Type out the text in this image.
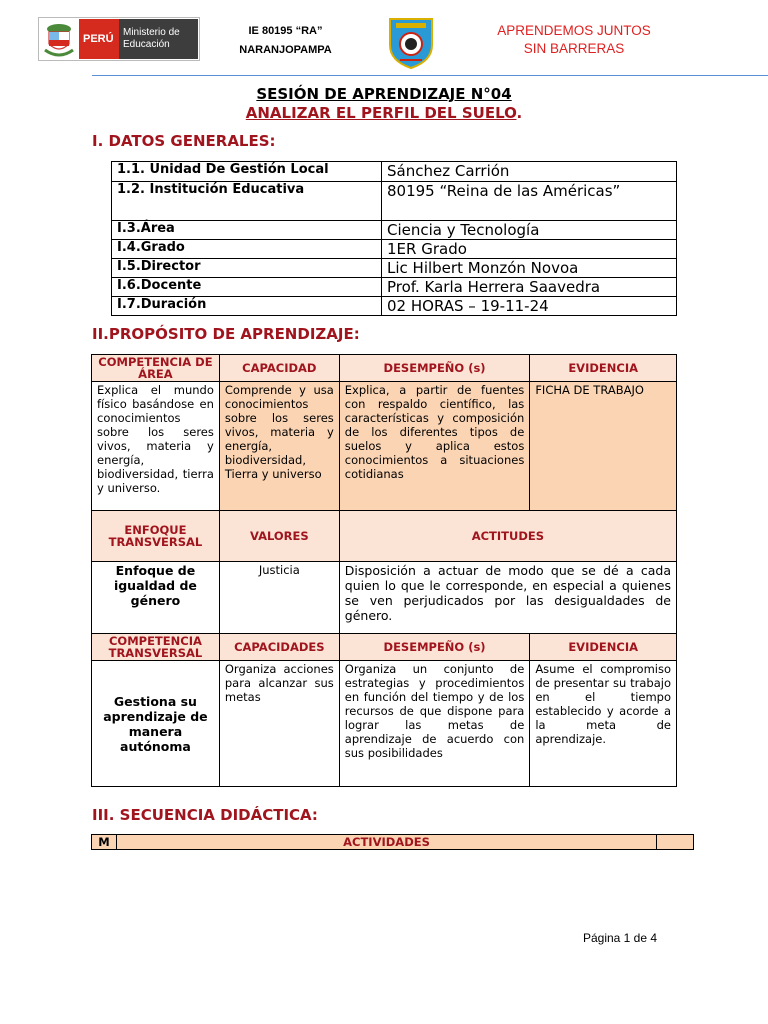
PERÚ
Ministerio de Educación
IE 80195 “RA”
NARANJOPAMPA
APRENDEMOS JUNTOS
SIN BARRERAS
SESIÓN DE APRENDIZAJE N°04
ANALIZAR EL PERFIL DEL SUELO.
I. DATOS GENERALES:
1.1. Unidad De Gestión Local	Sánchez Carrión
1.2. Institución Educativa	80195 “Reina de las Américas”
I.3.Área	Ciencia y Tecnología
I.4.Grado	1ER Grado
I.5.Director	Lic Hilbert Monzón Novoa
I.6.Docente	Prof. Karla Herrera Saavedra
I.7.Duración	02 HORAS – 19-11-24
II.PROPÓSITO DE APRENDIZAJE:
COMPETENCIA DE ÁREA	CAPACIDAD	DESEMPEÑO (s)	EVIDENCIA
Explica el mundo físico basándose en conocimientos sobre los seres vivos, materia y energía, biodiversidad, tierra y universo.	Comprende y usa conocimientos sobre los seres vivos, materia y energía, biodiversidad, Tierra y universo	Explica, a partir de fuentes con respaldo científico, las características y composición de los diferentes tipos de suelos y aplica estos conocimientos a situaciones cotidianas	FICHA DE TRABAJO
ENFOQUE TRANSVERSAL	VALORES	ACTITUDES	
Enfoque de igualdad de género	Justicia	Disposición a actuar de modo que se dé a cada quien lo que le corresponde, en especial a quienes se ven perjudicados por las desigualdades de género.	
COMPETENCIA TRANSVERSAL	CAPACIDADES	DESEMPEÑO (s)	EVIDENCIA
Gestiona su aprendizaje de manera autónoma	Organiza acciones para alcanzar sus metas	Organiza un conjunto de estrategias y procedimientos en función del tiempo y de los recursos de que dispone para lograr las metas de aprendizaje de acuerdo con sus posibilidades	Asume el compromiso de presentar su trabajo en el tiempo establecido y acorde a la meta de aprendizaje.
III. SECUENCIA DIDÁCTICA:
M	ACTIVIDADES	
Página 1 de 4
